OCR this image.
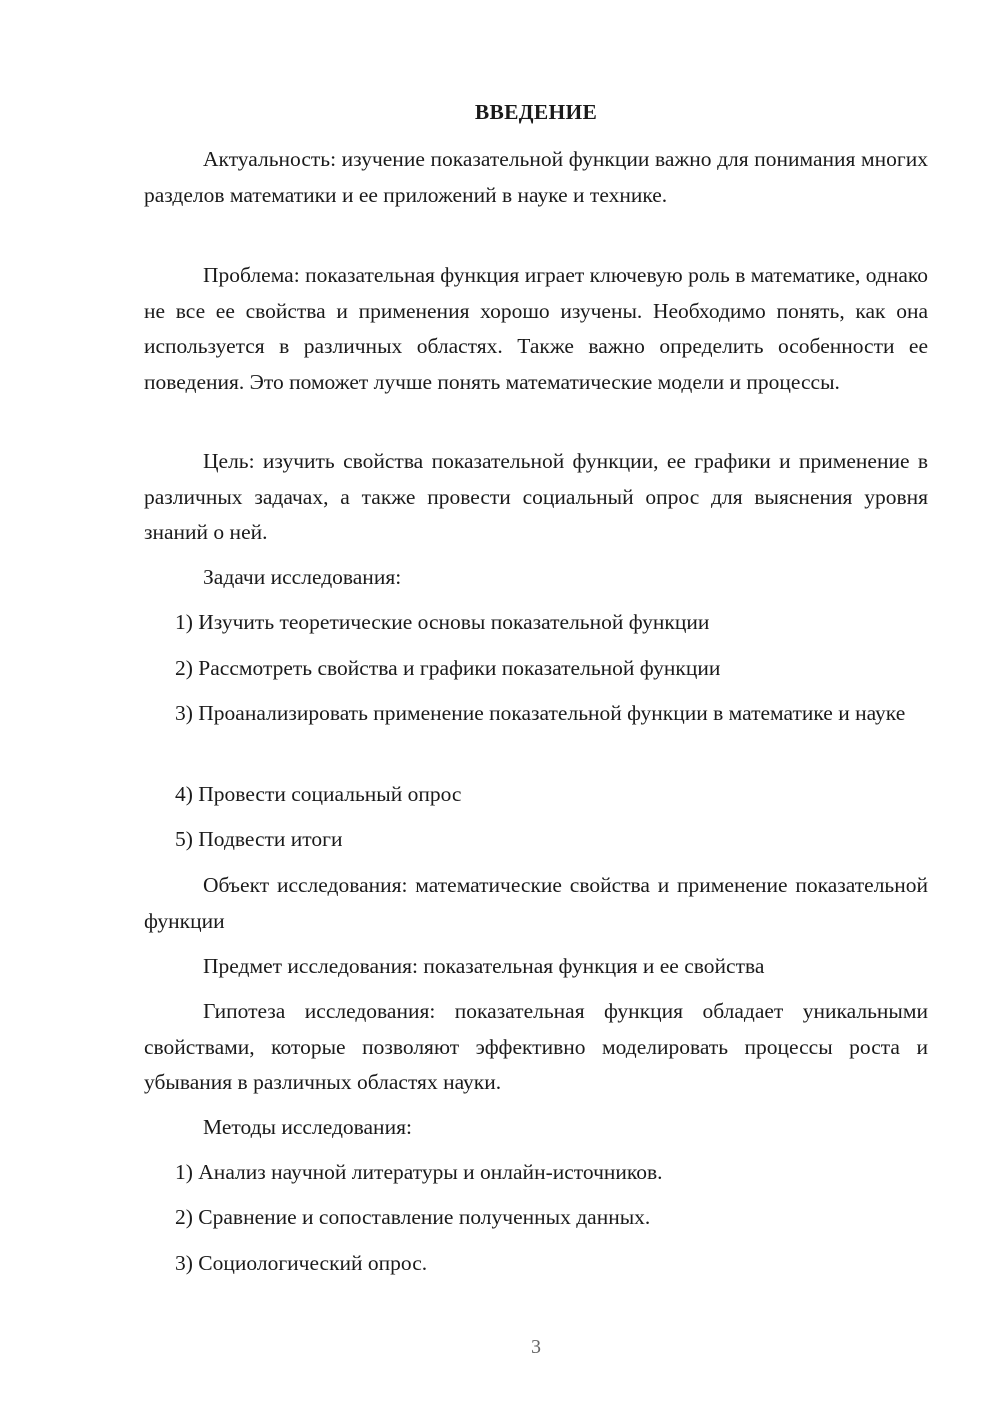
ВВЕДЕНИЕ

Актуальность: изучение показательной функции важно для понимания многих разделов математики и ее приложений в науке и технике.

Проблема: показательная функция играет ключевую роль в математике, однако не все ее свойства и применения хорошо изучены. Необходимо понять, как она используется в различных областях. Также важно определить особенности ее поведения. Это поможет лучше понять математические модели и процессы.

Цель: изучить свойства показательной функции, ее графики и применение в различных задачах, а также провести социальный опрос для выяснения уровня знаний о ней.

Задачи исследования:

1) Изучить теоретические основы показательной функции

2) Рассмотреть свойства и графики показательной функции

3) Проанализировать применение показательной функции в математике и науке

4) Провести социальный опрос

5) Подвести итоги

Объект исследования: математические свойства и применение показательной функции

Предмет исследования: показательная функция и ее свойства

Гипотеза исследования: показательная функция обладает уникальными свойствами, которые позволяют эффективно моделировать процессы роста и убывания в различных областях науки.

Методы исследования:

1) Анализ научной литературы и онлайн-источников.

2) Сравнение и сопоставление полученных данных.

3) Социологический опрос.

3
